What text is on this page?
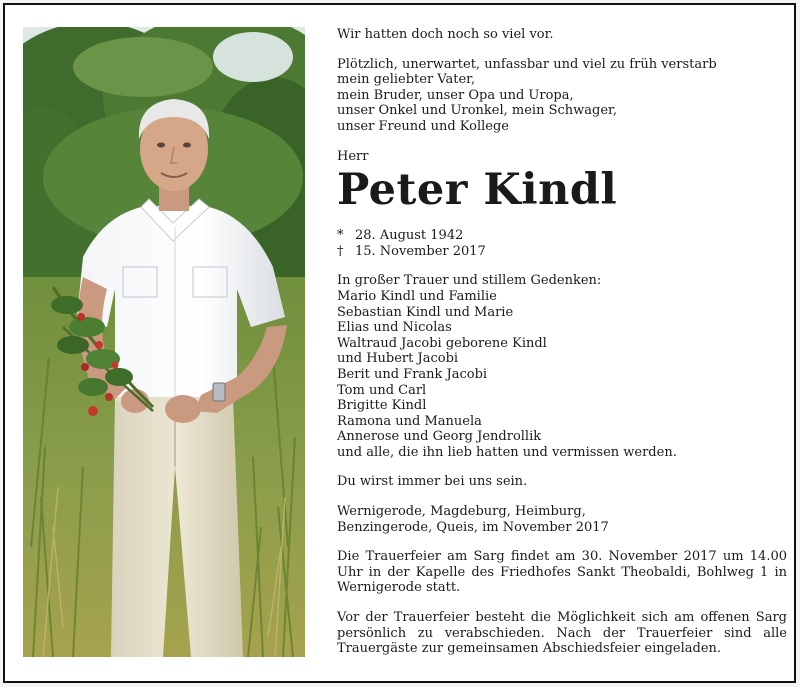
Wir hatten doch noch so viel vor.

Plötzlich, unerwartet, unfassbar und viel zu früh verstarb

mein geliebter Vater,

mein Bruder, unser Opa und Uropa,

unser Onkel und Uronkel, mein Schwager,

unser Freund und Kollege

Herr

Peter Kindl
* 28. August 1942
† 15. November 2017

In großer Trauer und stillem Gedenken:

Mario Kindl und Familie

Sebastian Kindl und Marie

Elias und Nicolas

Waltraud Jacobi geborene Kindl

und Hubert Jacobi

Berit und Frank Jacobi

Tom und Carl

Brigitte Kindl

Ramona und Manuela

Annerose und Georg Jendrollik

und alle, die ihn lieb hatten und vermissen werden.

Du wirst immer bei uns sein.

Wernigerode, Magdeburg, Heimburg,

Benzingerode, Queis, im November 2017

Die Trauerfeier am Sarg findet am 30. November 2017 um 14.00 Uhr in der Kapelle des Friedhofes Sankt Theobaldi, Bohlweg 1 in Wernigerode statt.

Vor der Trauerfeier besteht die Möglichkeit sich am offenen Sarg persönlich zu verabschieden. Nach der Trauerfeier sind alle Trauergäste zur gemeinsamen Abschiedsfeier eingeladen.
